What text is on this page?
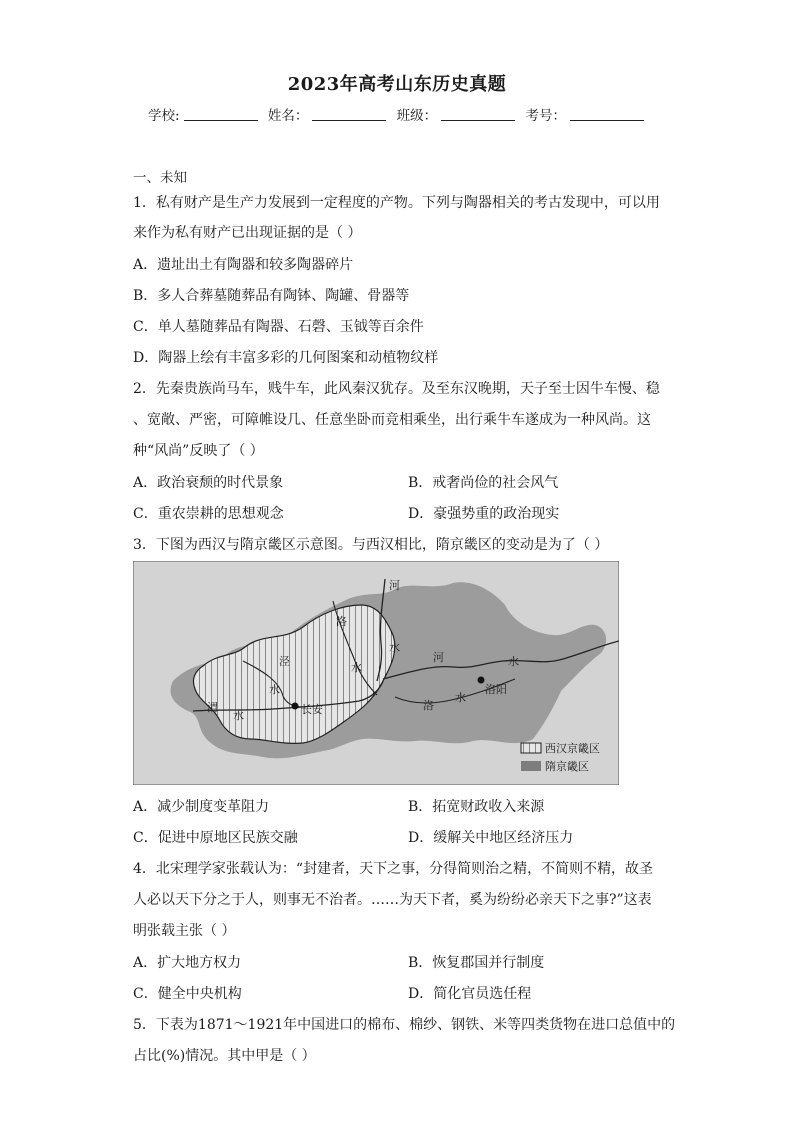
2023年高考山东历史真题
学校:	姓名：	班级：	考号：
一、未知
1．私有财产是生产力发展到一定程度的产物。下列与陶器相关的考古发现中，可以用
来作为私有财产已出现证据的是（ ）
A．遗址出土有陶器和较多陶器碎片
B．多人合葬墓随葬品有陶钵、陶罐、骨器等
C．单人墓随葬品有陶器、石磬、玉钺等百余件
D．陶器上绘有丰富多彩的几何图案和动植物纹样
2．先秦贵族尚马车，贱牛车，此风秦汉犹存。及至东汉晚期，天子至士因牛车慢、稳
、宽敞、严密，可障帷设几、任意坐卧而竞相乘坐，出行乘牛车遂成为一种风尚。这
种“风尚”反映了（ ）
A．政治衰颓的时代景象	B．戒奢尚俭的社会风气
C．重农崇耕的思想观念	D．豪强势重的政治现实
3．下图为西汉与隋京畿区示意图。与西汉相比，隋京畿区的变动是为了（ ）
长安
洛阳
河
洛
水
泾
水
渭
水
水
河
洛
水
水
西汉京畿区
隋京畿区
A．减少制度变革阻力	B．拓宽财政收入来源
C．促进中原地区民族交融	D．缓解关中地区经济压力
4．北宋理学家张载认为：“封建者，天下之事，分得简则治之精，不简则不精，故圣
人必以天下分之于人，则事无不治者。……为天下者，奚为纷纷必亲天下之事?”这表
明张载主张（ ）
A．扩大地方权力	B．恢复郡国并行制度
C．健全中央机构	D．简化官员选任程
5．下表为1871～1921年中国进口的棉布、棉纱、钢铁、米等四类货物在进口总值中的
占比(%)情况。其中甲是（ ）
